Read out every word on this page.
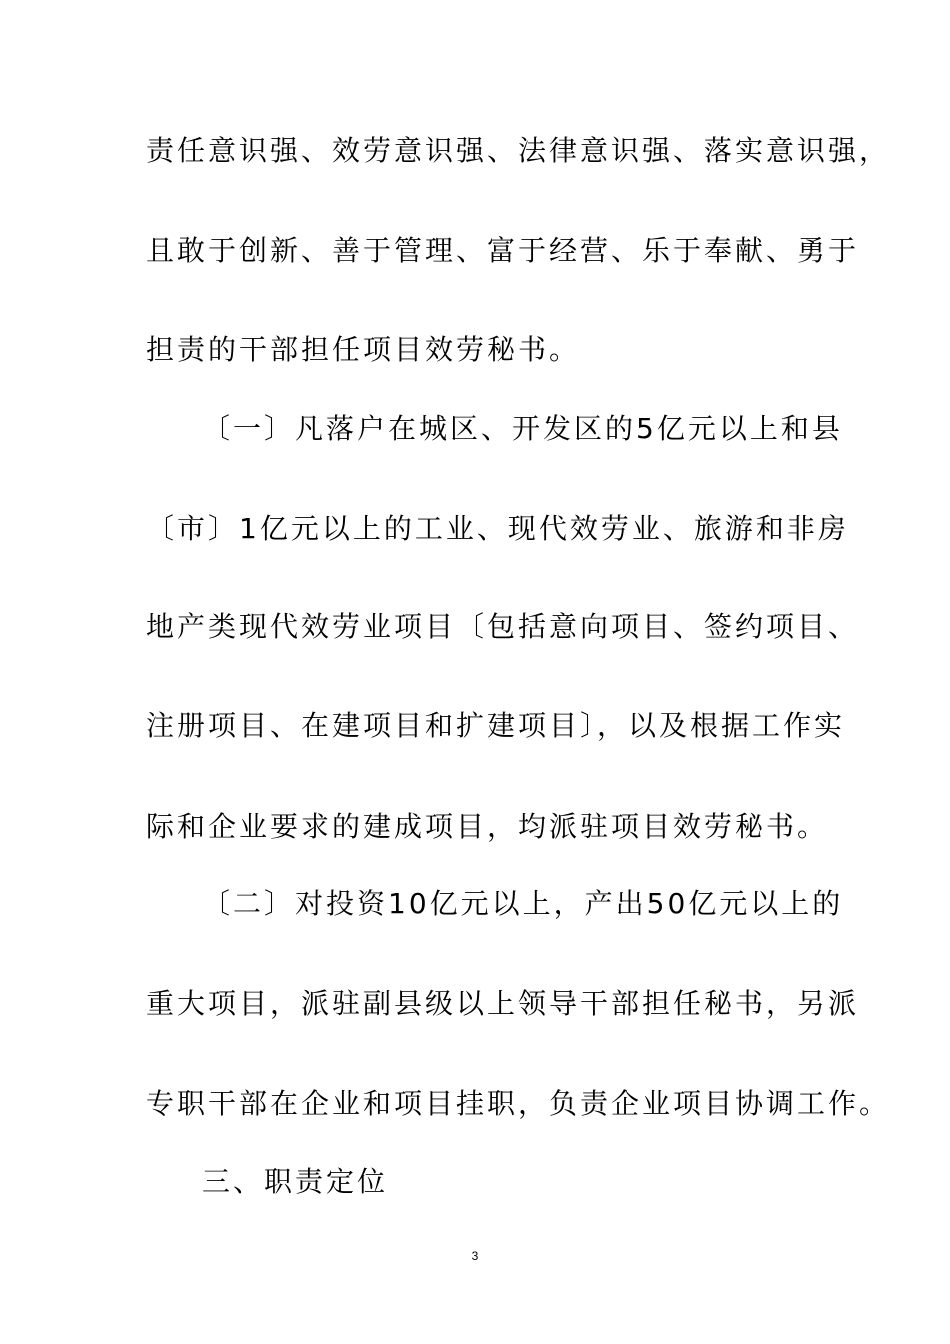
责任意识强、效劳意识强、法律意识强、落实意识强，
且敢于创新、善于管理、富于经营、乐于奉献、勇于
担责的干部担任项目效劳秘书。
〔一〕凡落户在城区、开发区的5亿元以上和县
〔市〕1亿元以上的工业、现代效劳业、旅游和非房
地产类现代效劳业项目〔包括意向项目、签约项目、
注册项目、在建项目和扩建项目〕，以及根据工作实
际和企业要求的建成项目，均派驻项目效劳秘书。
〔二〕对投资10亿元以上，产出50亿元以上的
重大项目，派驻副县级以上领导干部担任秘书，另派
专职干部在企业和项目挂职，负责企业项目协调工作。
三、职责定位
3
